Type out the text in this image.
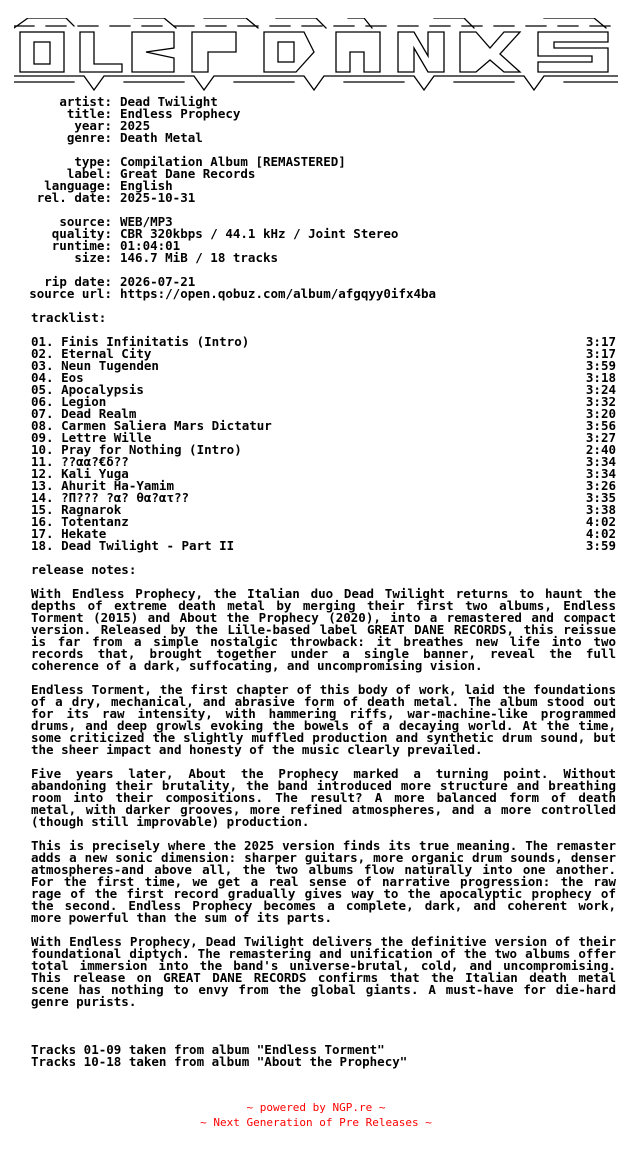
artist: Dead Twilight
title: Endless Prophecy
year: 2025
genre: Death Metal
type: Compilation Album [REMASTERED]
label: Great Dane Records
language: English
rel. date: 2025-10-31
source: WEB/MP3
quality: CBR 320kbps / 44.1 kHz / Joint Stereo
runtime: 01:04:01
size: 146.7 MiB / 18 tracks
rip date: 2026-07-21
source url: https://open.qobuz.com/album/afgqyy0ifx4ba
tracklist:
01. Finis Infinitatis (Intro)	3:17
02. Eternal City	3:17
03. Neun Tugenden	3:59
04. Eos	3:18
05. Apocalypsis	3:24
06. Legion	3:32
07. Dead Realm	3:20
08. Carmen Saliera Mars Dictatur	3:56
09. Lettre Wille	3:27
10. Pray for Nothing (Intro)	2:40
11. ??αα?€δ??	3:34
12. Kali Yuga	3:34
13. Ahurit Ha-Yamim	3:26
14. ?Π??? ?α? θα?ατ??	3:35
15. Ragnarok	3:38
16. Totentanz	4:02
17. Hekate	4:02
18. Dead Twilight - Part II	3:59
release notes:

With Endless Prophecy, the Italian duo Dead Twilight returns to haunt the depths of extreme death metal by merging their first two albums, Endless Torment (2015) and About the Prophecy (2020), into a remastered and compact version. Released by the Lille-based label GREAT DANE RECORDS, this reissue is far from a simple nostalgic throwback: it breathes new life into two records that, brought together under a single banner, reveal the full coherence of a dark, suffocating, and uncompromising vision.

Endless Torment, the first chapter of this body of work, laid the foundations of a dry, mechanical, and abrasive form of death metal. The album stood out for its raw intensity, with hammering riffs, war-machine-like programmed drums, and deep growls evoking the bowels of a decaying world. At the time, some criticized the slightly muffled production and synthetic drum sound, but the sheer impact and honesty of the music clearly prevailed.

Five years later, About the Prophecy marked a turning point. Without abandoning their brutality, the band introduced more structure and breathing room into their compositions. The result? A more balanced form of death metal, with darker grooves, more refined atmospheres, and a more controlled (though still improvable) production.

This is precisely where the 2025 version finds its true meaning. The remaster adds a new sonic dimension: sharper guitars, more organic drum sounds, denser atmospheres-and above all, the two albums flow naturally into one another. For the first time, we get a real sense of narrative progression: the raw rage of the first record gradually gives way to the apocalyptic prophecy of the second. Endless Prophecy becomes a complete, dark, and coherent work, more powerful than the sum of its parts.

With Endless Prophecy, Dead Twilight delivers the definitive version of their foundational diptych. The remastering and unification of the two albums offer total immersion into the band's universe-brutal, cold, and uncompromising. This release on GREAT DANE RECORDS confirms that the Italian death metal scene has nothing to envy from the global giants. A must-have for die-hard genre purists.

Tracks 01-09 taken from album "Endless Torment"
Tracks 10-18 taken from album "About the Prophecy"
~ powered by NGP.re ~
~ Next Generation of Pre Releases ~
